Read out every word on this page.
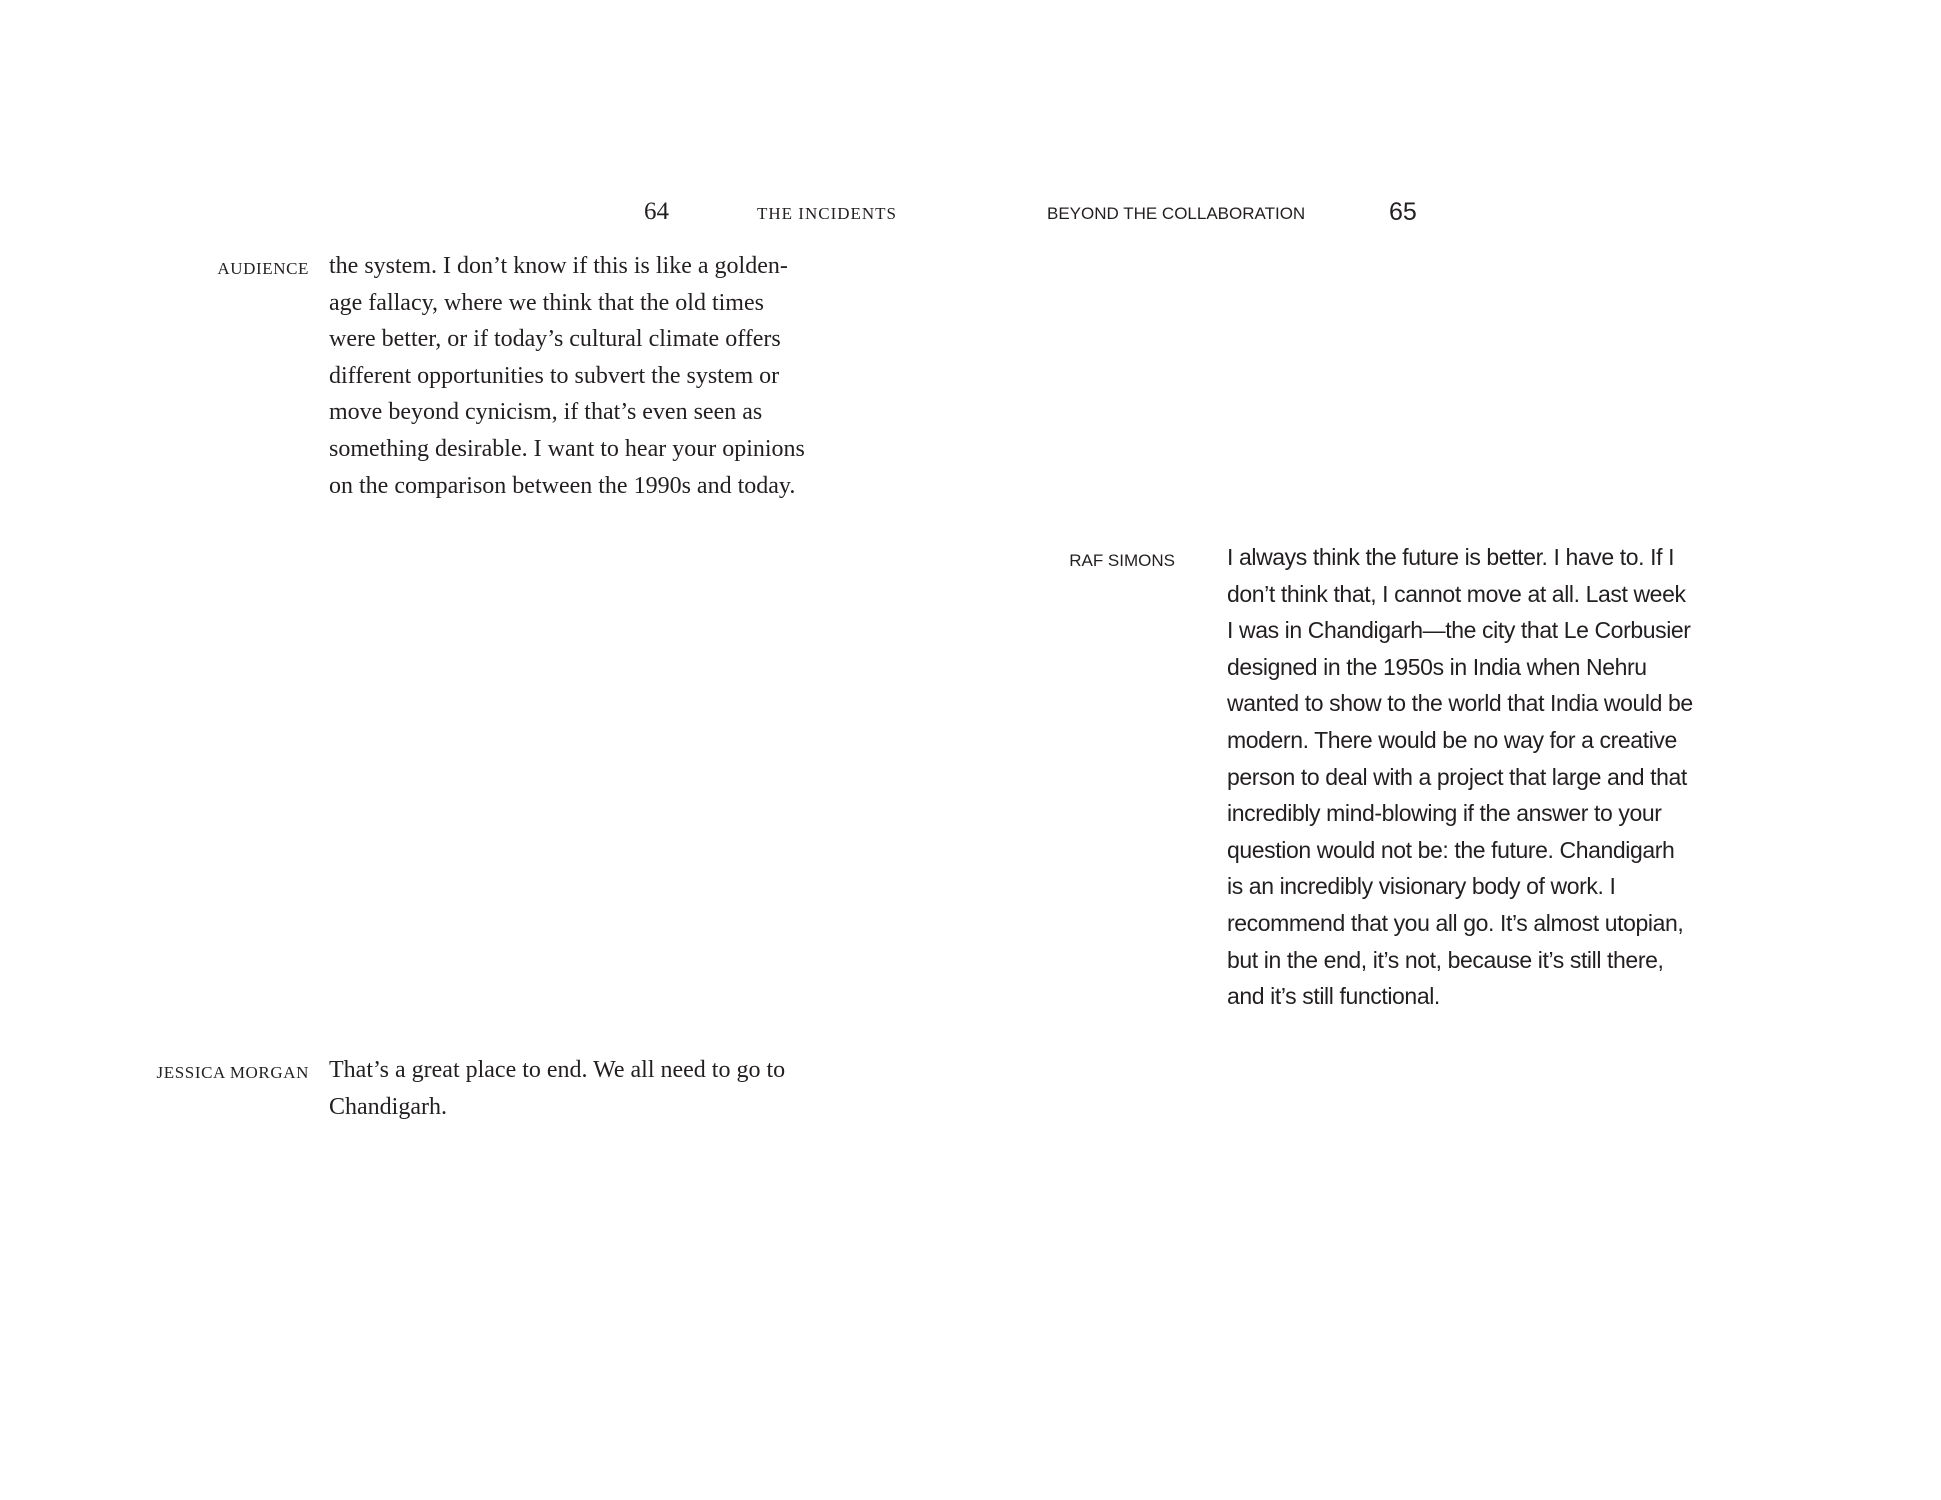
64	THE INCIDENTS
AUDIENCE the system. I don’t know if this is like a golden-
age fallacy, where we think that the old times
were better, or if today’s cultural climate offers
different opportunities to subvert the system or
move beyond cynicism, if that’s even seen as
something desirable. I want to hear your opinions
on the comparison between the 1990s and today.
JESSICA MORGAN That’s a great place to end. We all need to go to
Chandigarh.
BEYOND THE COLLABORATION	65
RAF SIMONS I always think the future is better. I have to. If I
don’t think that, I cannot move at all. Last week
I was in Chandigarh—the city that Le Corbusier
designed in the 1950s in India when Nehru
wanted to show to the world that India would be
modern. There would be no way for a creative
person to deal with a project that large and that
incredibly mind-blowing if the answer to your
question would not be: the future. Chandigarh
is an incredibly visionary body of work. I
recommend that you all go. It’s almost utopian,
but in the end, it’s not, because it’s still there,
and it’s still functional.
